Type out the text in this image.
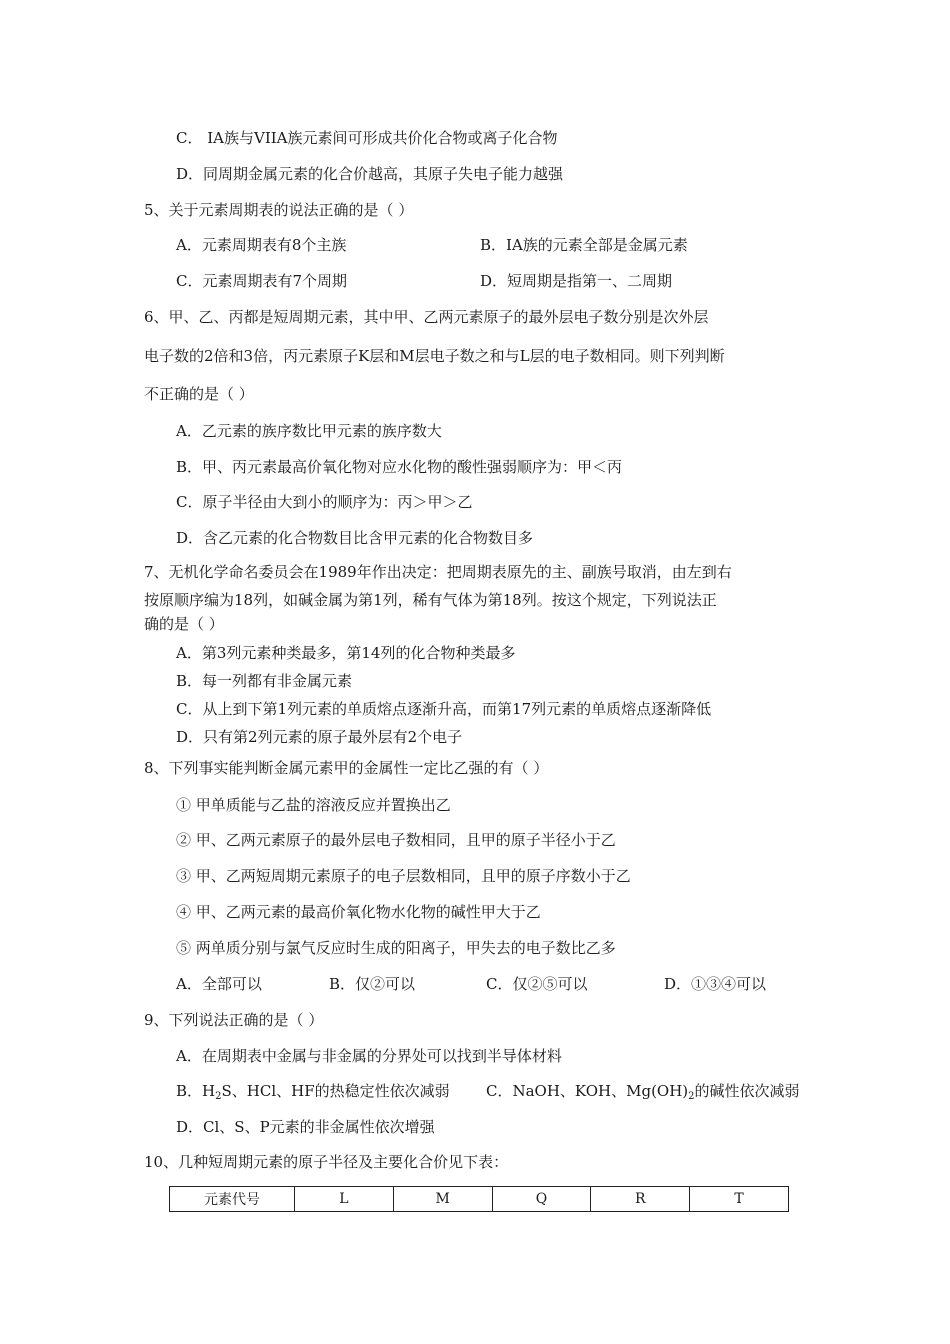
C． IA族与VIIA族元素间可形成共价化合物或离子化合物
D．同周期金属元素的化合价越高，其原子失电子能力越强
5、关于元素周期表的说法正确的是（ ）
A．元素周期表有8个主族	B．ⅠA族的元素全部是金属元素
C．元素周期表有7个周期	D．短周期是指第一、二周期
6、甲、乙、丙都是短周期元素，其中甲、乙两元素原子的最外层电子数分别是次外层
电子数的2倍和3倍，丙元素原子K层和M层电子数之和与L层的电子数相同。则下列判断
不正确的是（ ）
A．乙元素的族序数比甲元素的族序数大
B．甲、丙元素最高价氧化物对应水化物的酸性强弱顺序为：甲＜丙
C．原子半径由大到小的顺序为：丙＞甲＞乙
D．含乙元素的化合物数目比含甲元素的化合物数目多
7、无机化学命名委员会在1989年作出决定：把周期表原先的主、副族号取消，由左到右
按原顺序编为18列，如碱金属为第1列，稀有气体为第18列。按这个规定，下列说法正
确的是（ ）
A．第3列元素种类最多，第14列的化合物种类最多
B．每一列都有非金属元素
C．从上到下第1列元素的单质熔点逐渐升高，而第17列元素的单质熔点逐渐降低
D．只有第2列元素的原子最外层有2个电子
8、下列事实能判断金属元素甲的金属性一定比乙强的有（ ）
① 甲单质能与乙盐的溶液反应并置换出乙
② 甲、乙两元素原子的最外层电子数相同，且甲的原子半径小于乙
③ 甲、乙两短周期元素原子的电子层数相同，且甲的原子序数小于乙
④ 甲、乙两元素的最高价氧化物水化物的碱性甲大于乙
⑤ 两单质分别与氯气反应时生成的阳离子，甲失去的电子数比乙多
A．全部可以	B．仅②可以	C．仅②⑤可以	D．①③④可以
9、下列说法正确的是（ ）
A．在周期表中金属与非金属的分界处可以找到半导体材料
B．$H_2S$、HCl、HF的热稳定性依次减弱 C．NaOH、KOH、$Mg(OH)_2$的碱性依次减弱
D．Cl、S、P元素的非金属性依次增强
10、几种短周期元素的原子半径及主要化合价见下表：
元素代号	L	M	Q	R	T
